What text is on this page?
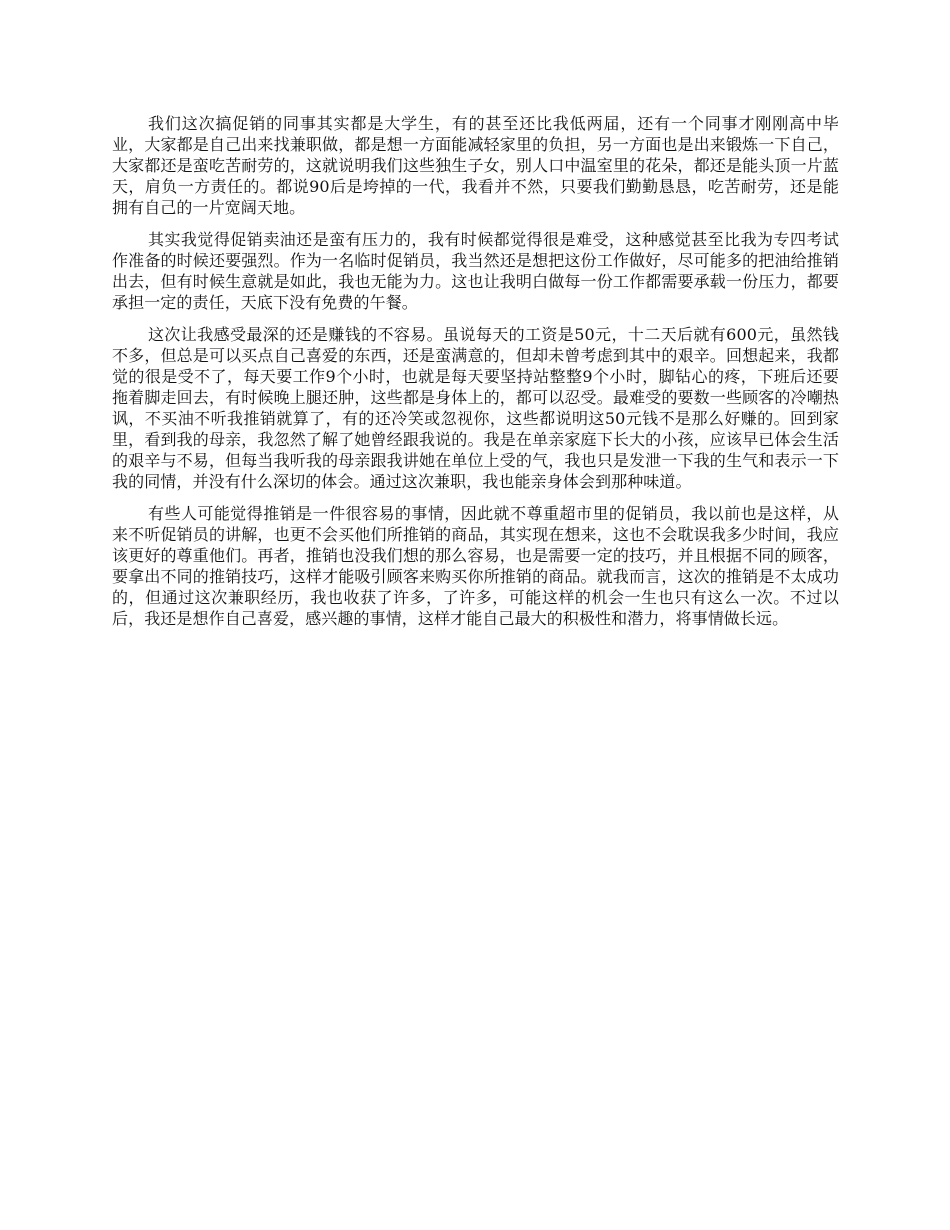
我们这次搞促销的同事其实都是大学生，有的甚至还比我低两届，还有一个同事才刚刚高中毕业，大家都是自己出来找兼职做，都是想一方面能减轻家里的负担，另一方面也是出来锻炼一下自己，大家都还是蛮吃苦耐劳的，这就说明我们这些独生子女，别人口中温室里的花朵，都还是能头顶一片蓝天，肩负一方责任的。都说90后是垮掉的一代，我看并不然，只要我们勤勤恳恳，吃苦耐劳，还是能拥有自己的一片宽阔天地。

其实我觉得促销卖油还是蛮有压力的，我有时候都觉得很是难受，这种感觉甚至比我为专四考试作准备的时候还要强烈。作为一名临时促销员，我当然还是想把这份工作做好，尽可能多的把油给推销出去，但有时候生意就是如此，我也无能为力。这也让我明白做每一份工作都需要承载一份压力，都要承担一定的责任，天底下没有免费的午餐。

这次让我感受最深的还是赚钱的不容易。虽说每天的工资是50元，十二天后就有600元，虽然钱不多，但总是可以买点自己喜爱的东西，还是蛮满意的，但却未曾考虑到其中的艰辛。回想起来，我都觉的很是受不了，每天要工作9个小时，也就是每天要坚持站整整9个小时，脚钻心的疼，下班后还要拖着脚走回去，有时候晚上腿还肿，这些都是身体上的，都可以忍受。最难受的要数一些顾客的冷嘲热讽，不买油不听我推销就算了，有的还冷笑或忽视你，这些都说明这50元钱不是那么好赚的。回到家里，看到我的母亲，我忽然了解了她曾经跟我说的。我是在单亲家庭下长大的小孩，应该早已体会生活的艰辛与不易，但每当我听我的母亲跟我讲她在单位上受的气，我也只是发泄一下我的生气和表示一下我的同情，并没有什么深切的体会。通过这次兼职，我也能亲身体会到那种味道。

有些人可能觉得推销是一件很容易的事情，因此就不尊重超市里的促销员，我以前也是这样，从来不听促销员的讲解，也更不会买他们所推销的商品，其实现在想来，这也不会耽误我多少时间，我应该更好的尊重他们。再者，推销也没我们想的那么容易，也是需要一定的技巧，并且根据不同的顾客，要拿出不同的推销技巧，这样才能吸引顾客来购买你所推销的商品。就我而言，这次的推销是不太成功的，但通过这次兼职经历，我也收获了许多，了许多，可能这样的机会一生也只有这么一次。不过以后，我还是想作自己喜爱，感兴趣的事情，这样才能自己最大的积极性和潜力，将事情做长远。
